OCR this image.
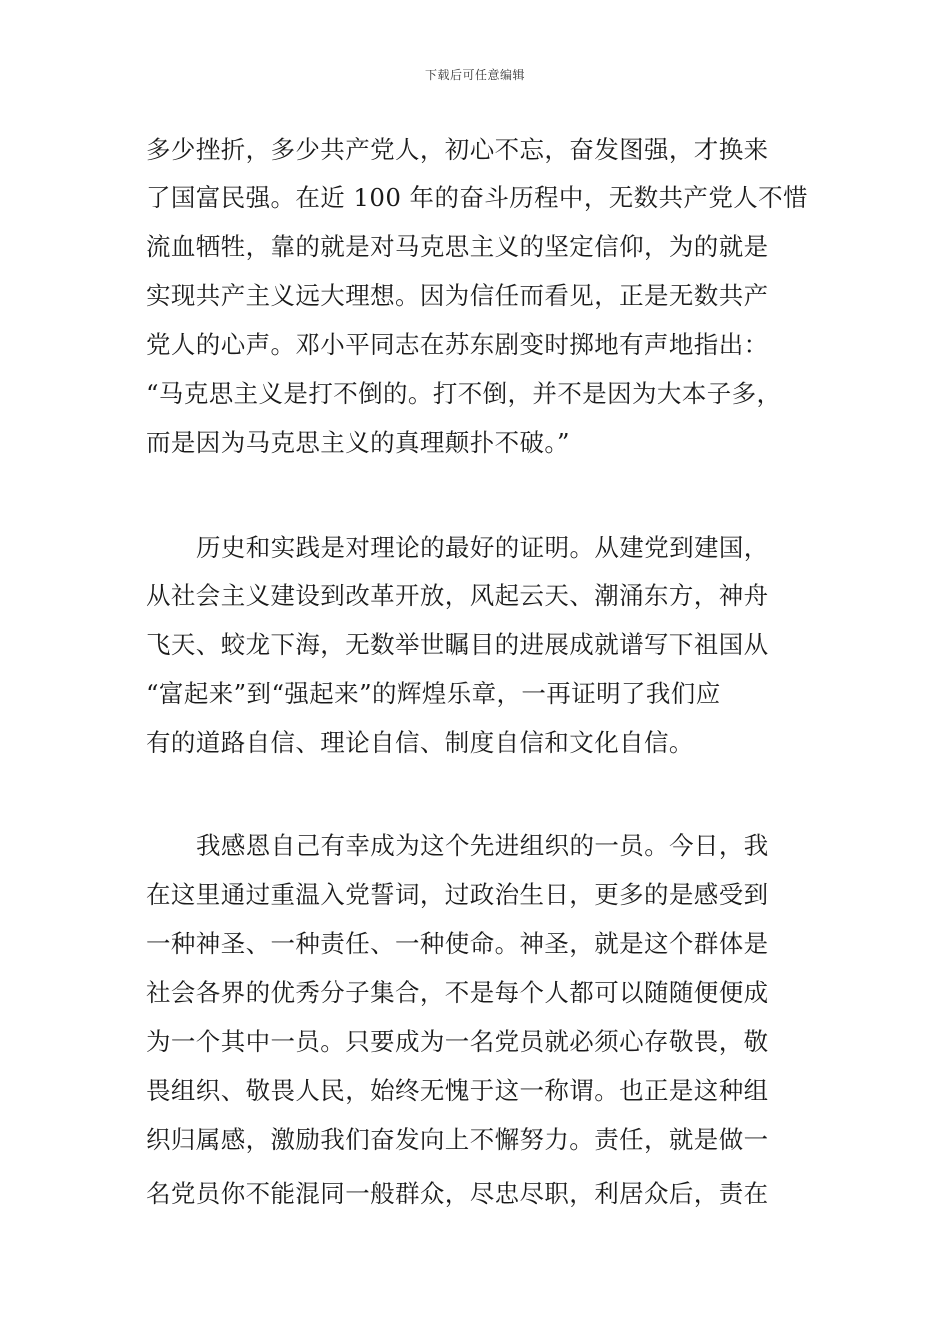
下载后可任意编辑
多少挫折，多少共产党人，初心不忘，奋发图强，才换来
了国富民强。在近 100 年的奋斗历程中，无数共产党人不惜
流血牺牲，靠的就是对马克思主义的坚定信仰，为的就是
实现共产主义远大理想。因为信任而看见，正是无数共产
党人的心声。邓小平同志在苏东剧变时掷地有声地指出：
“马克思主义是打不倒的。打不倒，并不是因为大本子多，
而是因为马克思主义的真理颠扑不破。”
历史和实践是对理论的最好的证明。从建党到建国，
从社会主义建设到改革开放，风起云天、潮涌东方，神舟
飞天、蛟龙下海，无数举世瞩目的进展成就谱写下祖国从
“富起来”到“强起来”的辉煌乐章，一再证明了我们应
有的道路自信、理论自信、制度自信和文化自信。
我感恩自己有幸成为这个先进组织的一员。今日，我
在这里通过重温入党誓词，过政治生日，更多的是感受到
一种神圣、一种责任、一种使命。神圣，就是这个群体是
社会各界的优秀分子集合，不是每个人都可以随随便便成
为一个其中一员。只要成为一名党员就必须心存敬畏，敬
畏组织、敬畏人民，始终无愧于这一称谓。也正是这种组
织归属感，激励我们奋发向上不懈努力。责任，就是做一
名党员你不能混同一般群众，尽忠尽职，利居众后，责在
